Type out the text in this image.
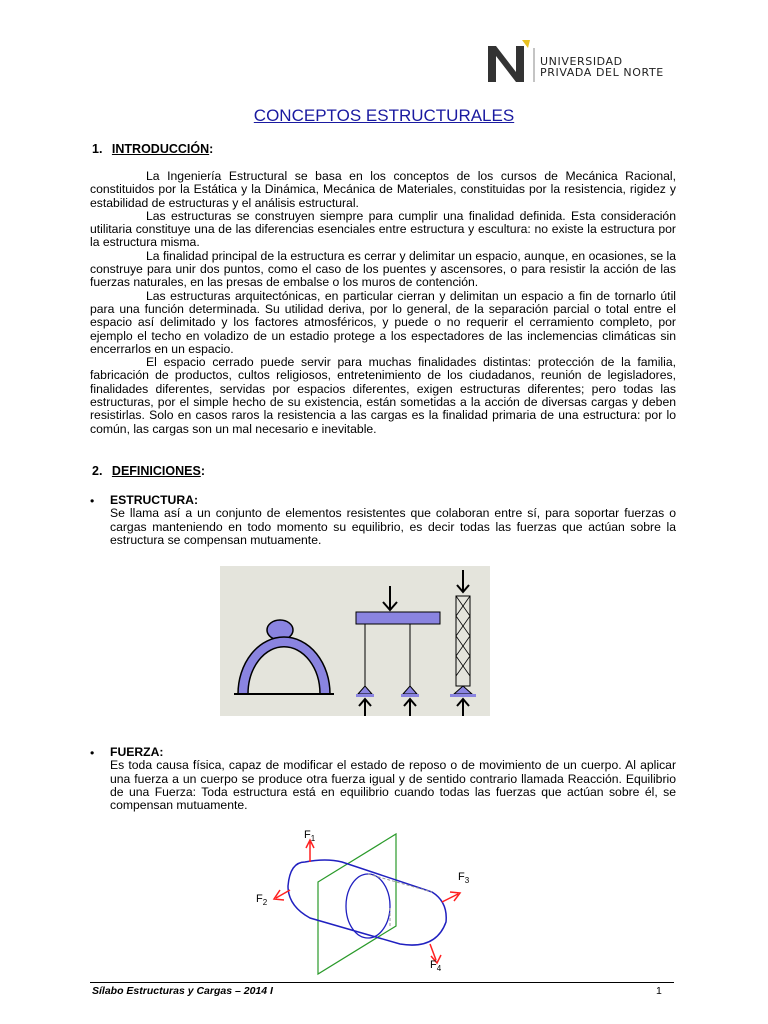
UNIVERSIDAD
PRIVADA DEL NORTE
CONCEPTOS ESTRUCTURALES
1. INTRODUCCIÓN:

La Ingeniería Estructural se basa en los conceptos de los cursos de Mecánica Racional, constituidos por la Estática y la Dinámica, Mecánica de Materiales, constituidas por la resistencia, rigidez y estabilidad de estructuras y el análisis estructural.

Las estructuras se construyen siempre para cumplir una finalidad definida. Esta consideración utilitaria constituye una de las diferencias esenciales entre estructura y escultura: no existe la estructura por la estructura misma.

La finalidad principal de la estructura es cerrar y delimitar un espacio, aunque, en ocasiones, se la construye para unir dos puntos, como el caso de los puentes y ascensores, o para resistir la acción de las fuerzas naturales, en las presas de embalse o los muros de contención.

Las estructuras arquitectónicas, en particular cierran y delimitan un espacio a fin de tornarlo útil para una función determinada. Su utilidad deriva, por lo general, de la separación parcial o total entre el espacio así delimitado y los factores atmosféricos, y puede o no requerir el cerramiento completo, por ejemplo el techo en voladizo de un estadio protege a los espectadores de las inclemencias climáticas sin encerrarlos en un espacio.

El espacio cerrado puede servir para muchas finalidades distintas: protección de la familia, fabricación de productos, cultos religiosos, entretenimiento de los ciudadanos, reunión de legisladores, finalidades diferentes, servidas por espacios diferentes, exigen estructuras diferentes; pero todas las estructuras, por el simple hecho de su existencia, están sometidas a la acción de diversas cargas y deben resistirlas. Solo en casos raros la resistencia a las cargas es la finalidad primaria de una estructura: por lo común, las cargas son un mal necesario e inevitable.

2. DEFINICIONES:
• ESTRUCTURA:
Se llama así a un conjunto de elementos resistentes que colaboran entre sí, para soportar fuerzas o cargas manteniendo en todo momento su equilibrio, es decir todas las fuerzas que actúan sobre la estructura se compensan mutuamente.
• FUERZA:
Es toda causa física, capaz de modificar el estado de reposo o de movimiento de un cuerpo. Al aplicar una fuerza a un cuerpo se produce otra fuerza igual y de sentido contrario llamada Reacción. Equilibrio de una Fuerza: Toda estructura está en equilibrio cuando todas las fuerzas que actúan sobre él, se compensan mutuamente.
$F_1$
$F_2$
$F_3$
$F_4$
Sílabo Estructuras y Cargas – 2014 I	1
